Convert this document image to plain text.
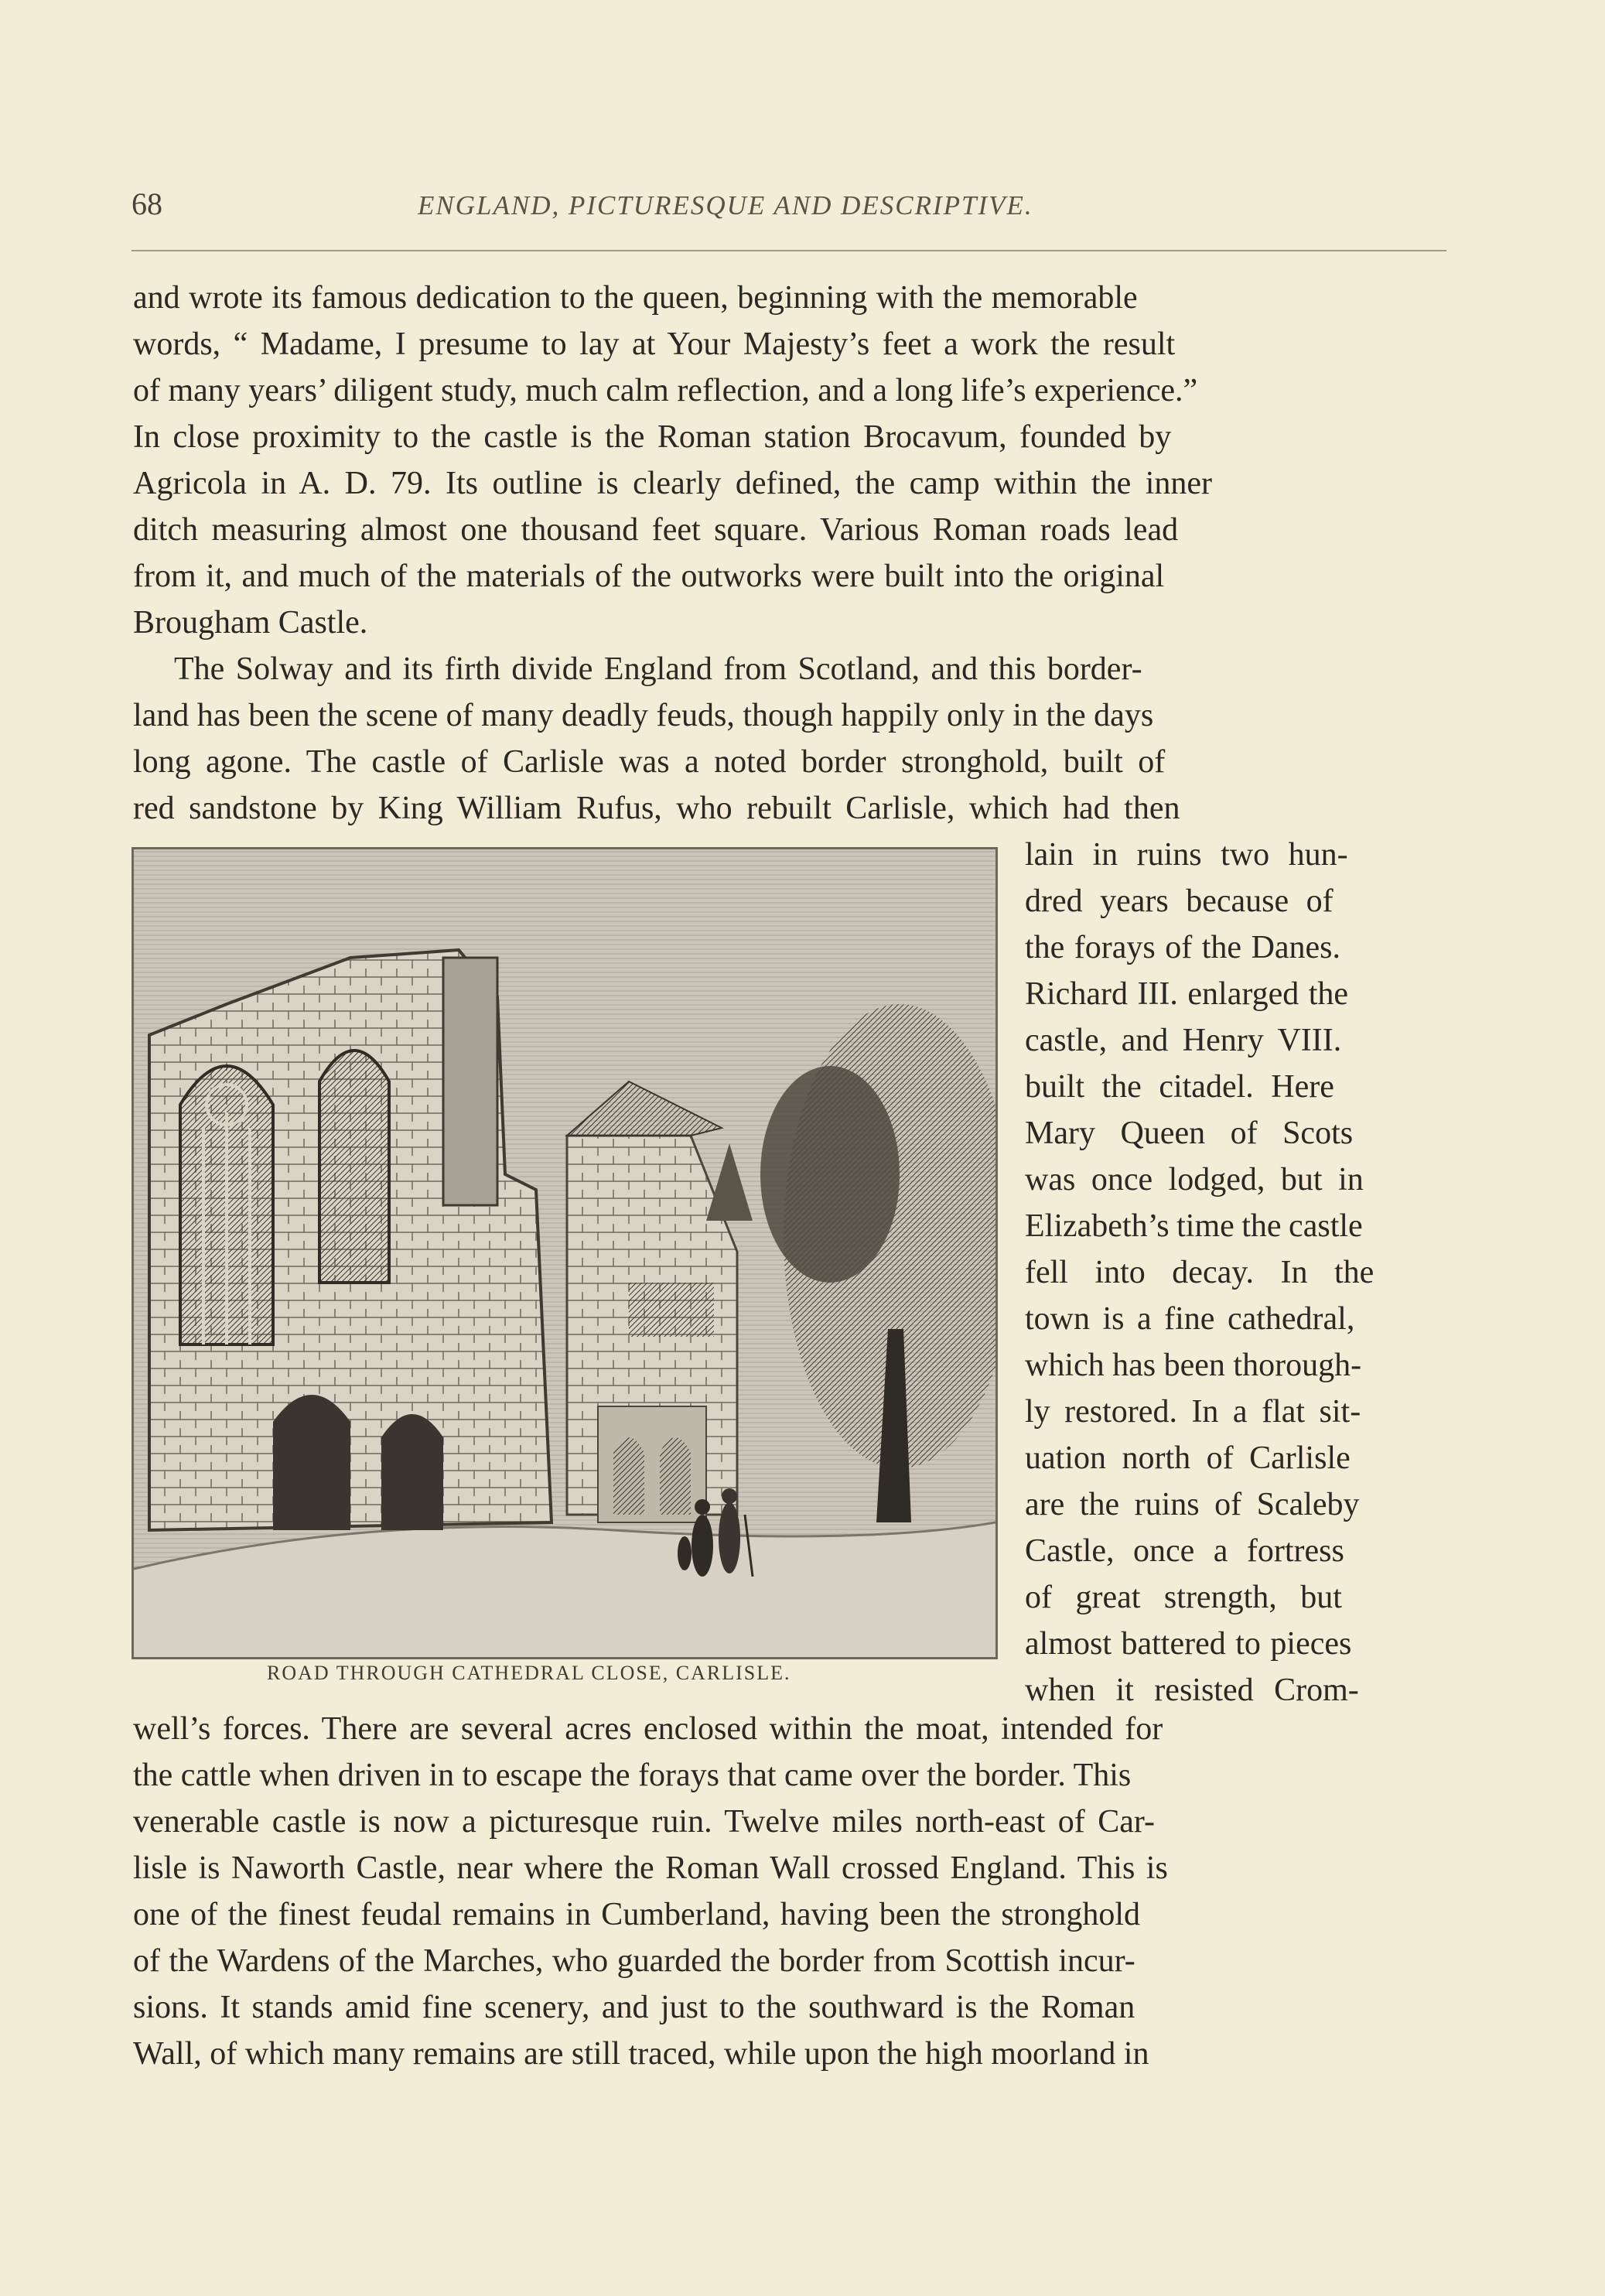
68	ENGLAND, PICTURESQUE AND DESCRIPTIVE.
and wrote its famous dedication to the queen, beginning with the memorable
words, “ Madame, I presume to lay at Your Majesty’s feet a work the result
of many years’ diligent study, much calm reflection, and a long life’s experience.”
In close proximity to the castle is the Roman station Brocavum, founded by
Agricola in A. D. 79. Its outline is clearly defined, the camp within the inner
ditch measuring almost one thousand feet square. Various Roman roads lead
from it, and much of the materials of the outworks were built into the original
Brougham Castle.
The Solway and its firth divide England from Scotland, and this border-
land has been the scene of many deadly feuds, though happily only in the days
long agone. The castle of Carlisle was a noted border stronghold, built of
red sandstone by King William Rufus, who rebuilt Carlisle, which had then
ROAD THROUGH CATHEDRAL CLOSE, CARLISLE.
lain in ruins two hun-
dred years because of
the forays of the Danes.
Richard III. enlarged the
castle, and Henry VIII.
built the citadel. Here
Mary Queen of Scots
was once lodged, but in
Elizabeth’s time the castle
fell into decay. In the
town is a fine cathedral,
which has been thorough-
ly restored. In a flat sit-
uation north of Carlisle
are the ruins of Scaleby
Castle, once a fortress
of great strength, but
almost battered to pieces
when it resisted Crom-
well’s forces. There are several acres enclosed within the moat, intended for
the cattle when driven in to escape the forays that came over the border. This
venerable castle is now a picturesque ruin. Twelve miles north-east of Car-
lisle is Naworth Castle, near where the Roman Wall crossed England. This is
one of the finest feudal remains in Cumberland, having been the stronghold
of the Wardens of the Marches, who guarded the border from Scottish incur-
sions. It stands amid fine scenery, and just to the southward is the Roman
Wall, of which many remains are still traced, while upon the high moorland in
